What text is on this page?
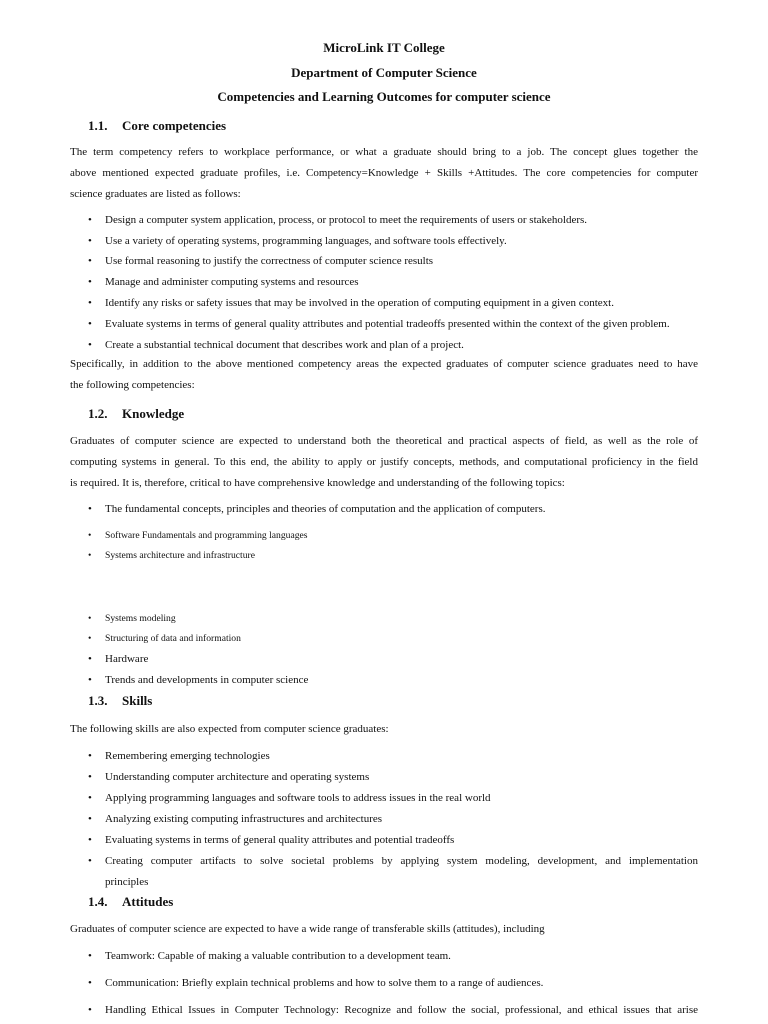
MicroLink IT College
Department of Computer Science
Competencies and Learning Outcomes for computer science
1.1. Core competencies
The term competency refers to workplace performance, or what a graduate should bring to a job. The concept glues together the
above mentioned expected graduate profiles, i.e. Competency=Knowledge + Skills +Attitudes. The core competencies for computer
science graduates are listed as follows:
•	Design a computer system application, process, or protocol to meet the requirements of users or stakeholders.
•	Use a variety of operating systems, programming languages, and software tools effectively.
•	Use formal reasoning to justify the correctness of computer science results
•	Manage and administer computing systems and resources
•	Identify any risks or safety issues that may be involved in the operation of computing equipment in a given context.
•	Evaluate systems in terms of general quality attributes and potential tradeoffs presented within the context of the given problem.
•	Create a substantial technical document that describes work and plan of a project.
Specifically, in addition to the above mentioned competency areas the expected graduates of computer science graduates need to have
the following competencies:
1.2. Knowledge
Graduates of computer science are expected to understand both the theoretical and practical aspects of field, as well as the role of
computing systems in general. To this end, the ability to apply or justify concepts, methods, and computational proficiency in the field
is required. It is, therefore, critical to have comprehensive knowledge and understanding of the following topics:
•	The fundamental concepts, principles and theories of computation and the application of computers.
•	Software Fundamentals and programming languages
•	Systems architecture and infrastructure
•	Systems modeling
•	Structuring of data and information
•	Hardware
•	Trends and developments in computer science
1.3. Skills
The following skills are also expected from computer science graduates:
•	Remembering emerging technologies
•	Understanding computer architecture and operating systems
•	Applying programming languages and software tools to address issues in the real world
•	Analyzing existing computing infrastructures and architectures
•	Evaluating systems in terms of general quality attributes and potential tradeoffs
• Creating computer artifacts to solve societal problems by applying system modeling, development, and implementation
principles
1.4. Attitudes
Graduates of computer science are expected to have a wide range of transferable skills (attitudes), including
•	Teamwork: Capable of making a valuable contribution to a development team.
•	Communication: Briefly explain technical problems and how to solve them to a range of audiences.
• Handling Ethical Issues in Computer Technology: Recognize and follow the social, professional, and ethical issues that arise
